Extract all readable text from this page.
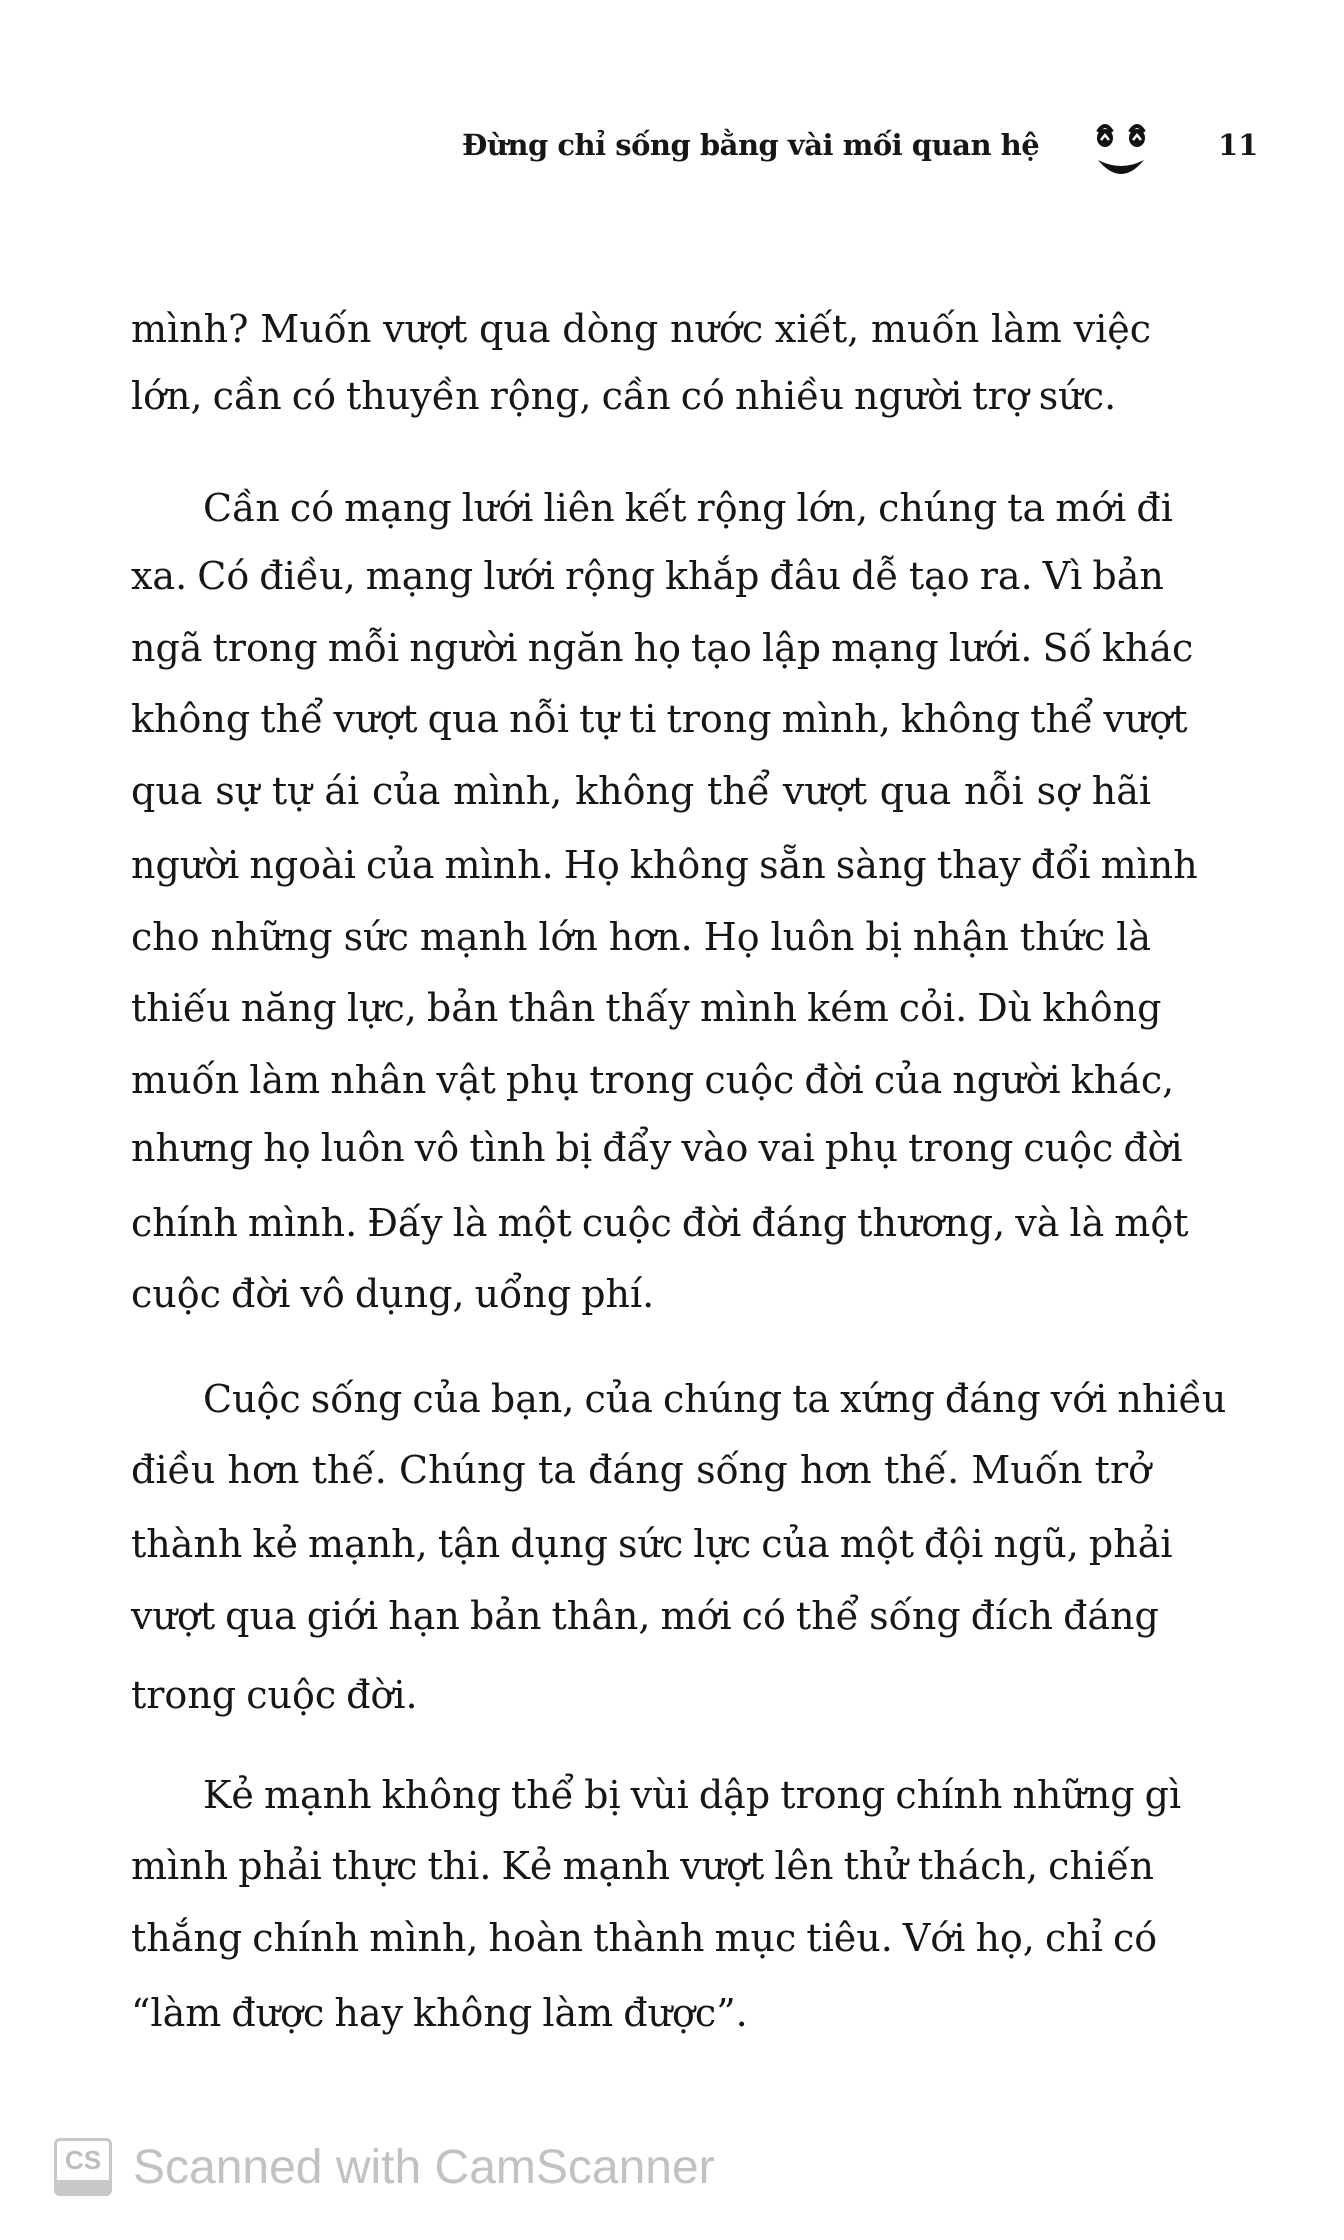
Đừng chỉ sống bằng vài mối quan hệ	11
mình? Muốn vượt qua dòng nước xiết, muốn làm việc
lớn, cần có thuyền rộng, cần có nhiều người trợ sức.
Cần có mạng lưới liên kết rộng lớn, chúng ta mới đi
xa. Có điều, mạng lưới rộng khắp đâu dễ tạo ra. Vì bản
ngã trong mỗi người ngăn họ tạo lập mạng lưới. Số khác
không thể vượt qua nỗi tự ti trong mình, không thể vượt
qua sự tự ái của mình, không thể vượt qua nỗi sợ hãi
người ngoài của mình. Họ không sẵn sàng thay đổi mình
cho những sức mạnh lớn hơn. Họ luôn bị nhận thức là
thiếu năng lực, bản thân thấy mình kém cỏi. Dù không
muốn làm nhân vật phụ trong cuộc đời của người khác,
nhưng họ luôn vô tình bị đẩy vào vai phụ trong cuộc đời
chính mình. Đấy là một cuộc đời đáng thương, và là một
cuộc đời vô dụng, uổng phí.
Cuộc sống của bạn, của chúng ta xứng đáng với nhiều
điều hơn thế. Chúng ta đáng sống hơn thế. Muốn trở
thành kẻ mạnh, tận dụng sức lực của một đội ngũ, phải
vượt qua giới hạn bản thân, mới có thể sống đích đáng
trong cuộc đời.
Kẻ mạnh không thể bị vùi dập trong chính những gì
mình phải thực thi. Kẻ mạnh vượt lên thử thách, chiến
thắng chính mình, hoàn thành mục tiêu. Với họ, chỉ có
“làm được hay không làm được”.
CS Scanned with CamScanner
